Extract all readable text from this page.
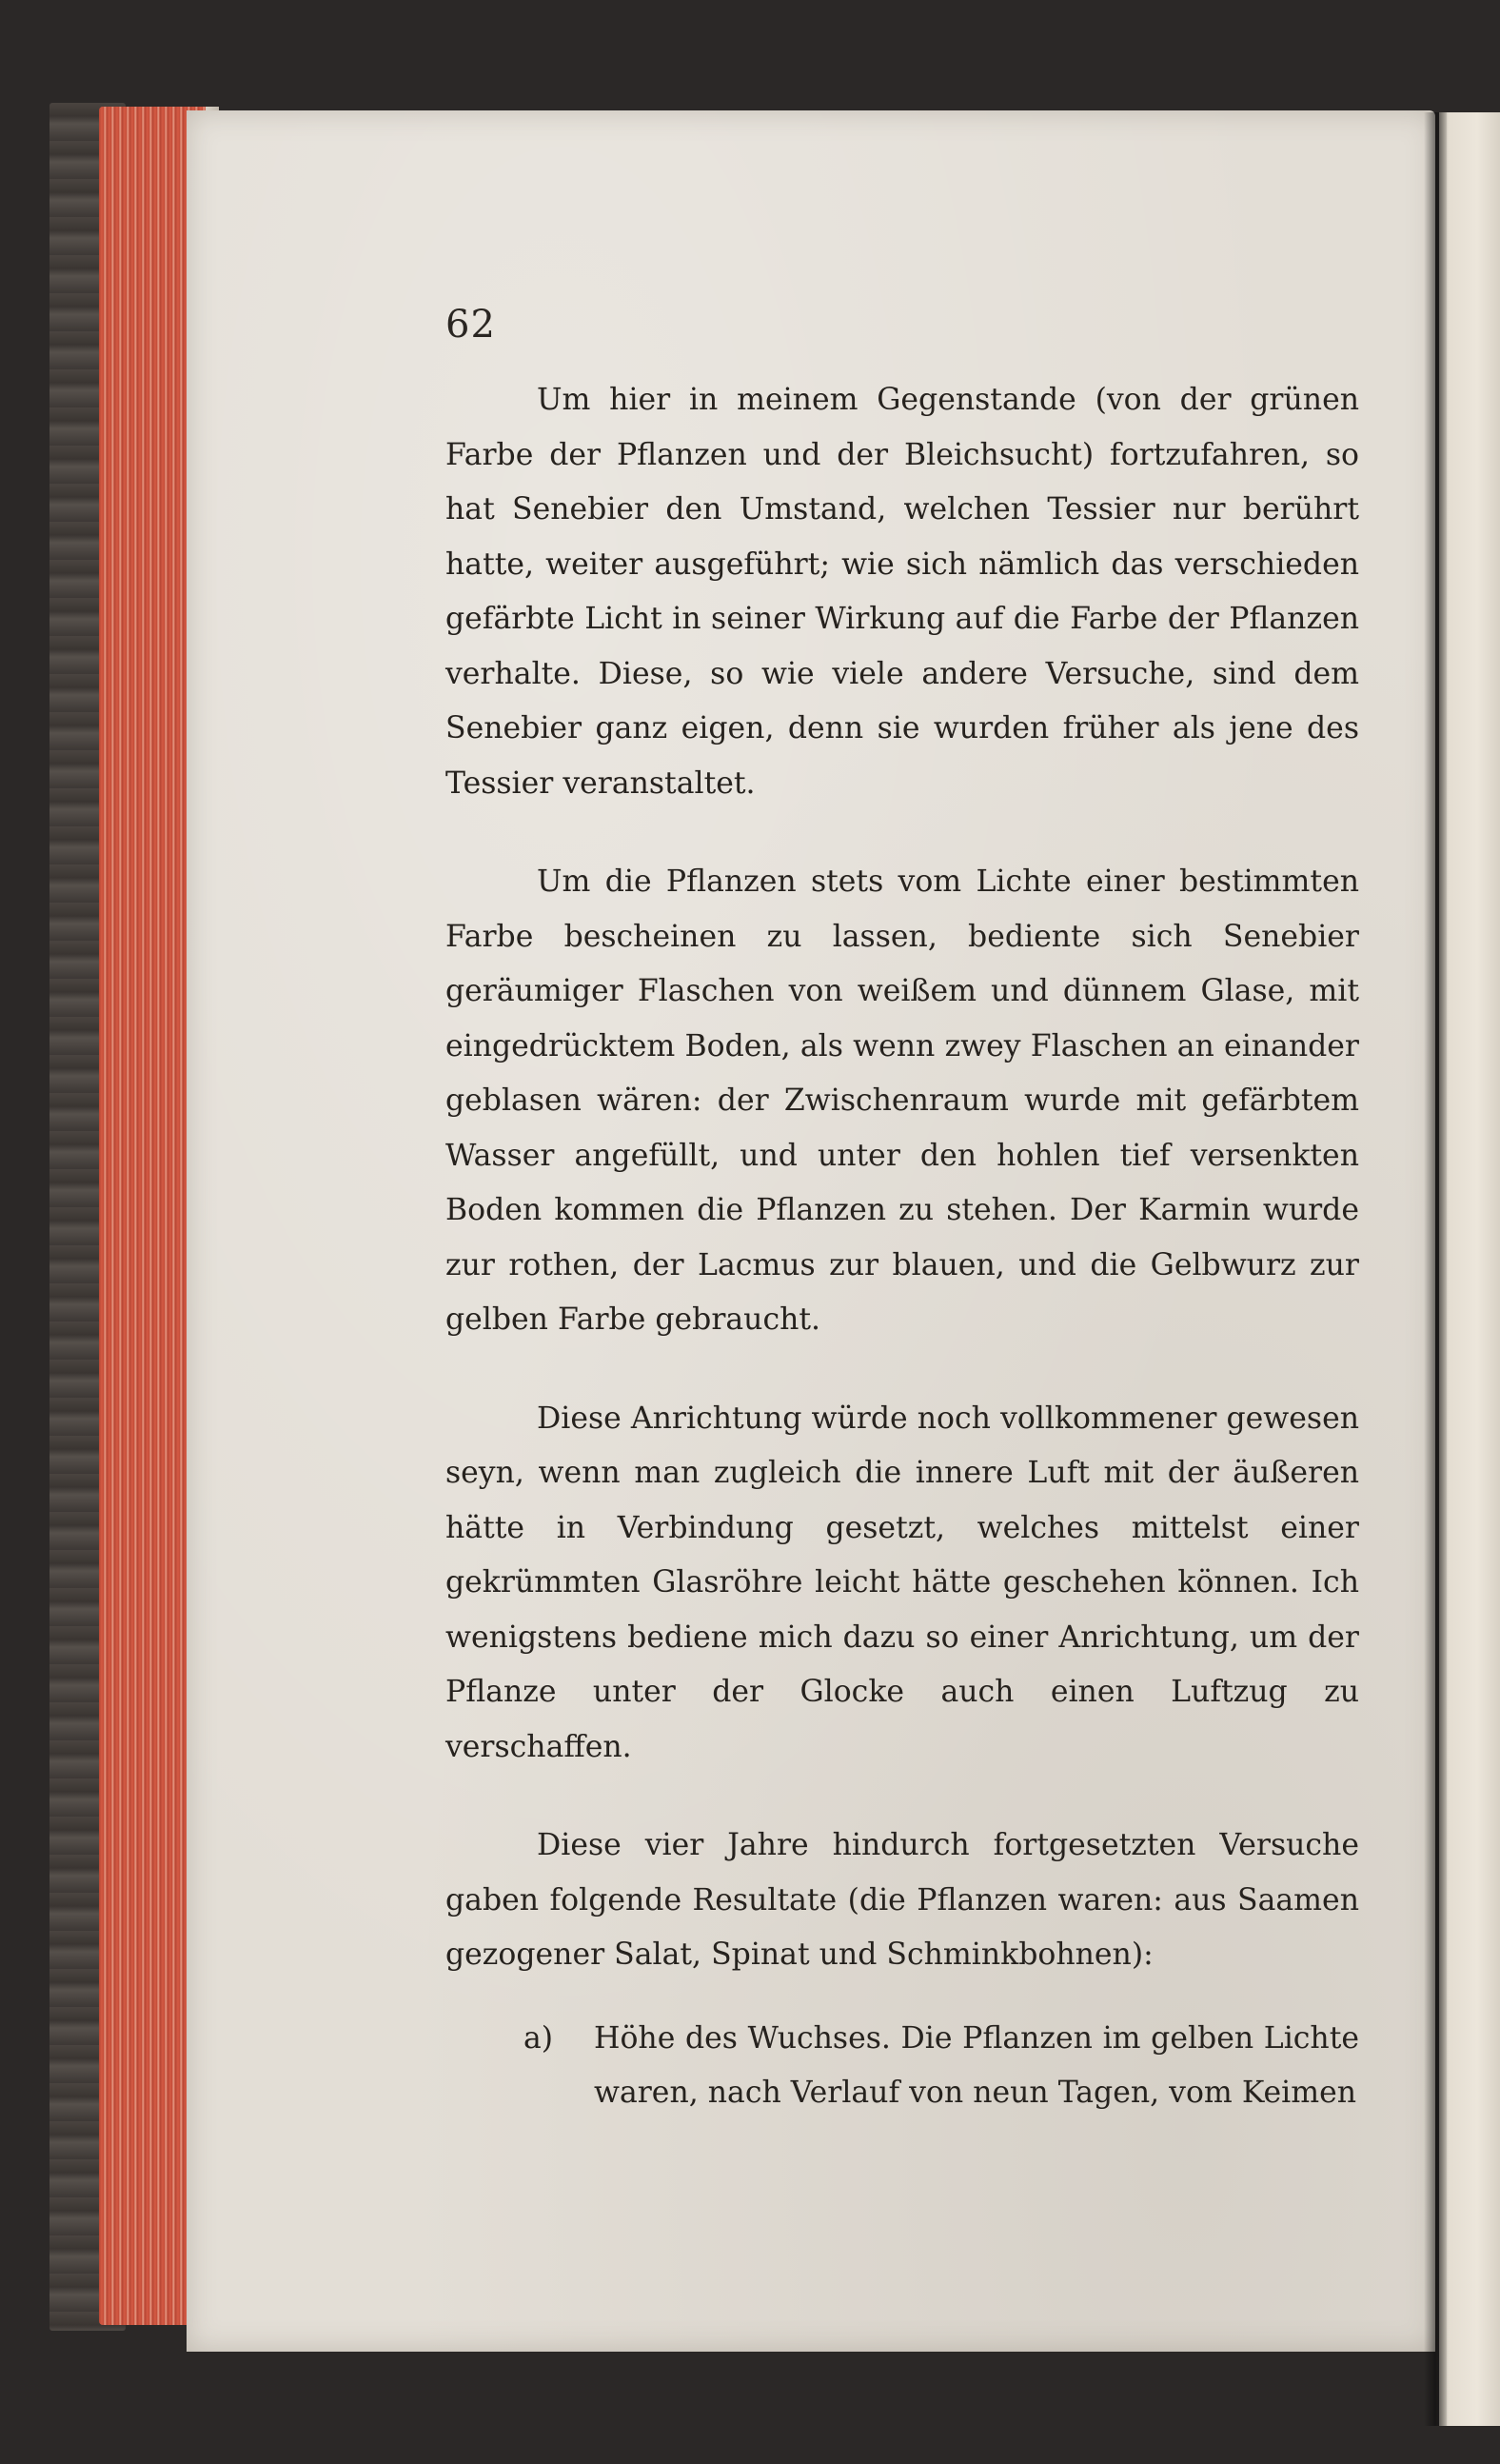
62

Um hier in meinem Gegenstande (von der grünen Farbe der Pflanzen und der Bleichsucht) fortzufahren, so hat Senebier den Umstand, welchen Tessier nur berührt hatte, weiter ausgeführt; wie sich nämlich das verschieden gefärbte Licht in seiner Wirkung auf die Farbe der Pflanzen verhalte. Diese, so wie viele andere Versuche, sind dem Senebier ganz eigen, denn sie wurden früher als jene des Tessier veranstaltet.

Um die Pflanzen stets vom Lichte einer bestimmten Farbe bescheinen zu lassen, bediente sich Senebier geräumiger Flaschen von weißem und dünnem Glase, mit eingedrücktem Boden, als wenn zwey Flaschen an einander geblasen wären: der Zwischenraum wurde mit gefärbtem Wasser angefüllt, und unter den hohlen tief versenkten Boden kommen die Pflanzen zu stehen. Der Karmin wurde zur rothen, der Lacmus zur blauen, und die Gelbwurz zur gelben Farbe gebraucht.

Diese Anrichtung würde noch vollkommener gewesen seyn, wenn man zugleich die innere Luft mit der äußeren hätte in Verbindung gesetzt, welches mittelst einer gekrümmten Glasröhre leicht hätte geschehen können. Ich wenigstens bediene mich dazu so einer Anrichtung, um der Pflanze unter der Glocke auch einen Luftzug zu verschaffen.

Diese vier Jahre hindurch fortgesetzten Versuche gaben folgende Resultate (die Pflanzen waren: aus Saamen gezogener Salat, Spinat und Schminkbohnen):

a)	Höhe des Wuchses. Die Pflanzen im gelben Lichte waren, nach Verlauf von neun Tagen, vom Keimen
